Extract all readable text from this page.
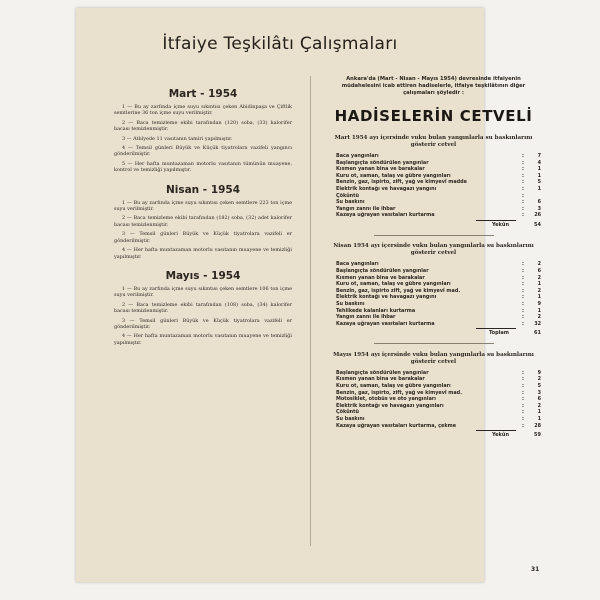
İtfaiye Teşkilâtı Çalışmaları
Mart - 1954

1 — Bu ay zarfında içme suyu sıkıntısı çeken Abidinpaşa ve Çiftlik semtlerine 36 ton içme suyu verilmiştir.

2 — Baca temizleme ekibi tarafından (120) soba, (33) kalorifer bacası temizlenmiştir.

3 — Atlılyede 11 vasıtanın tamiri yapılmıştır.

4 — Temsil günleri Büyük ve Küçük tiyatrolara vazifeli yangıncı gönderilmiştir.

5 — Her hafta muntazaman motorlu vasıtanın tümünün muayene, kontrol ve temizliği yapılmıştır.

Nisan - 1954

1 — Bu ay zarfında içme suyu sıkıntısı çeken semtlere 223 ton içme suyu verilmiştir.

2 — Baca temizleme ekibi tarafından (182) soba, (32) adet kalorifer bacası temizlenmiştir.

3 — Temsil günleri Büyük ve Küçük tiyatrolara vazifeli er gönderilmiştir.

4 — Her hafta muntazaman motorlu vasıtanın muayene ve temizliği yapılmıştır.

Mayıs - 1954

1 — Bu ay zarfında içme suyu sıkıntısı çeken semtlere 106 ton içme suyu verilmiştir.

2 — Baca temizleme ekibi tarafından (108) soba, (34) kalorifer bacası temizlenmiştir.

3 — Temsil günleri Büyük ve Küçük tiyatrolara vazifeli er gönderilmiştir.

4 — Her hafta muntazaman motorlu vasıtanın muayene ve temizliği yapılmıştır.

Ankara'da (Mart - Nisan - Mayıs 1954) devresinde itfaiyenin müdahelesini icab ettiren hadiselerle, itfaiye teşkilâtının diğer çalışmaları şöyledir :

HADİSELERİN CETVELİ
Mart 1954 ayı içersinde vuku bulan yangınlarla su baskınlarını gösterir cetvel
Baca yangınları	:	7
Başlangıçta söndürülen yangınlar	:	4
Kısmen yanan bina ve barakalar	:	1
Kuru ot, saman, talaş ve gübre yangınları	:	1
Benzin, gaz, ispirto, zift, yağ ve kimyevî madde	:	5
Elektrik kontağı ve havagazı yangını	:	1
Çökûntü	:
Su baskını	:	6
Yangın zannı ile ihbar	:	3
Kazaya uğrayan vasıtaları kurtarma	:	26
Yekûn	54
Nisan 1954 ayı içersinde vuku bulan yangınlarla su baskınlarını gösterir cetvel
Baca yangınları	:	2
Başlangıçta söndürülen yangınlar	:	6
Kısmen yanan bina ve barakalar	:	2
Kuru ot, saman, talaş ve gübre yangınları	:	1
Benzin, gaz, ispirto zift, yağ ve kimyevî mad.	:	2
Elektrik kontağı ve havagazı yangını	:	1
Su baskını	:	9
Tehlikede kalanları kurtarma	:	1
Yangın zannı ile ihbar	:	2
Kazaya uğrayan vasıtaları kurtarma	:	32
Toplam	61
Mayıs 1954 ayı içersinde vuku bulan yangınlarla su baskınlarını gösterir cetvel
Başlangıçta söndürülen yangınlar	:	9
Kısmen yanan bina ve barakalar	:	2
Kuru ot, saman, talaş ve gübre yangınları	:	5
Benzin, gaz, ispirto, zift, yağ ve kimyevî mad.	:	3
Motosiklet, otobüs ve oto yangınları	:	6
Elektrik kontağı ve havagazı yangınları	:	2
Çökûntü	:	1
Su baskını	:	1
Kazaya uğrayan vasıtaları kurtarma, çekme	:	28
Yekûn	59
31
